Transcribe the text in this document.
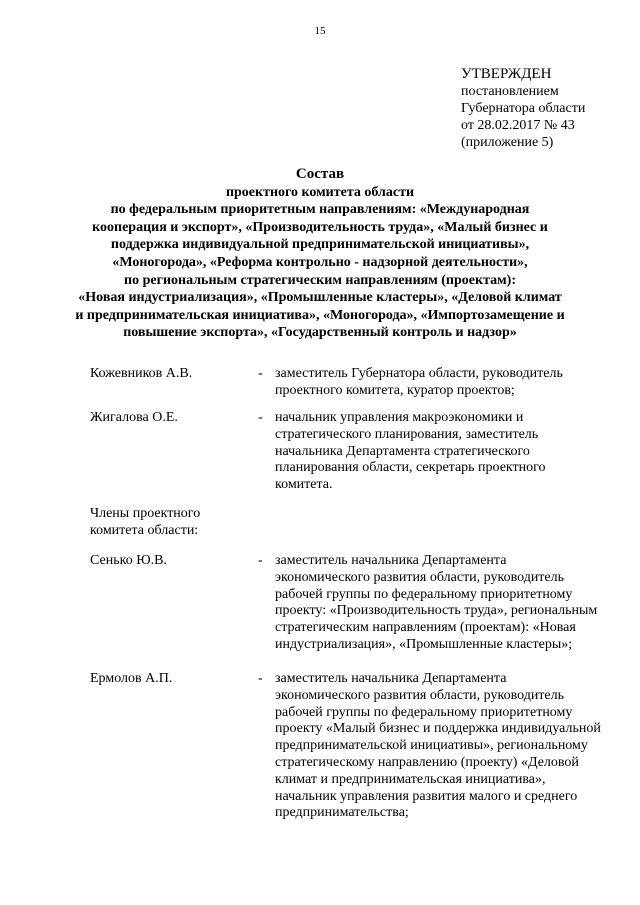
15
УТВЕРЖДЕН
постановлением
Губернатора области
от 28.02.2017 № 43
(приложение 5)
Состав
проектного комитета области
по федеральным приоритетным направлениям: «Международная
кооперация и экспорт», «Производительность труда», «Малый бизнес и
поддержка индивидуальной предпринимательской инициативы»,
«Моногорода», «Реформа контрольно - надзорной деятельности»,
по региональным стратегическим направлениям (проектам):
«Новая индустриализация», «Промышленные кластеры», «Деловой климат
и предпринимательская инициатива», «Моногорода», «Импортозамещение и
повышение экспорта», «Государственный контроль и надзор»
Кожевников А.В.	- заместитель Губернатора области, руководитель
проектного комитета, куратор проектов;
Жигалова О.Е.	- начальник управления макроэкономики и
стратегического планирования, заместитель
начальника Департамента стратегического
планирования области, секретарь проектного
комитета.
Члены проектного
комитета области:
Сенько Ю.В.	- заместитель начальника Департамента
экономического развития области, руководитель
рабочей группы по федеральному приоритетному
проекту: «Производительность труда», региональным
стратегическим направлениям (проектам): «Новая
индустриализация», «Промышленные кластеры»;
Ермолов А.П.	- заместитель начальника Департамента
экономического развития области, руководитель
рабочей группы по федеральному приоритетному
проекту «Малый бизнес и поддержка индивидуальной
предпринимательской инициативы», региональному
стратегическому направлению (проекту) «Деловой
климат и предпринимательская инициатива»,
начальник управления развития малого и среднего
предпринимательства;
